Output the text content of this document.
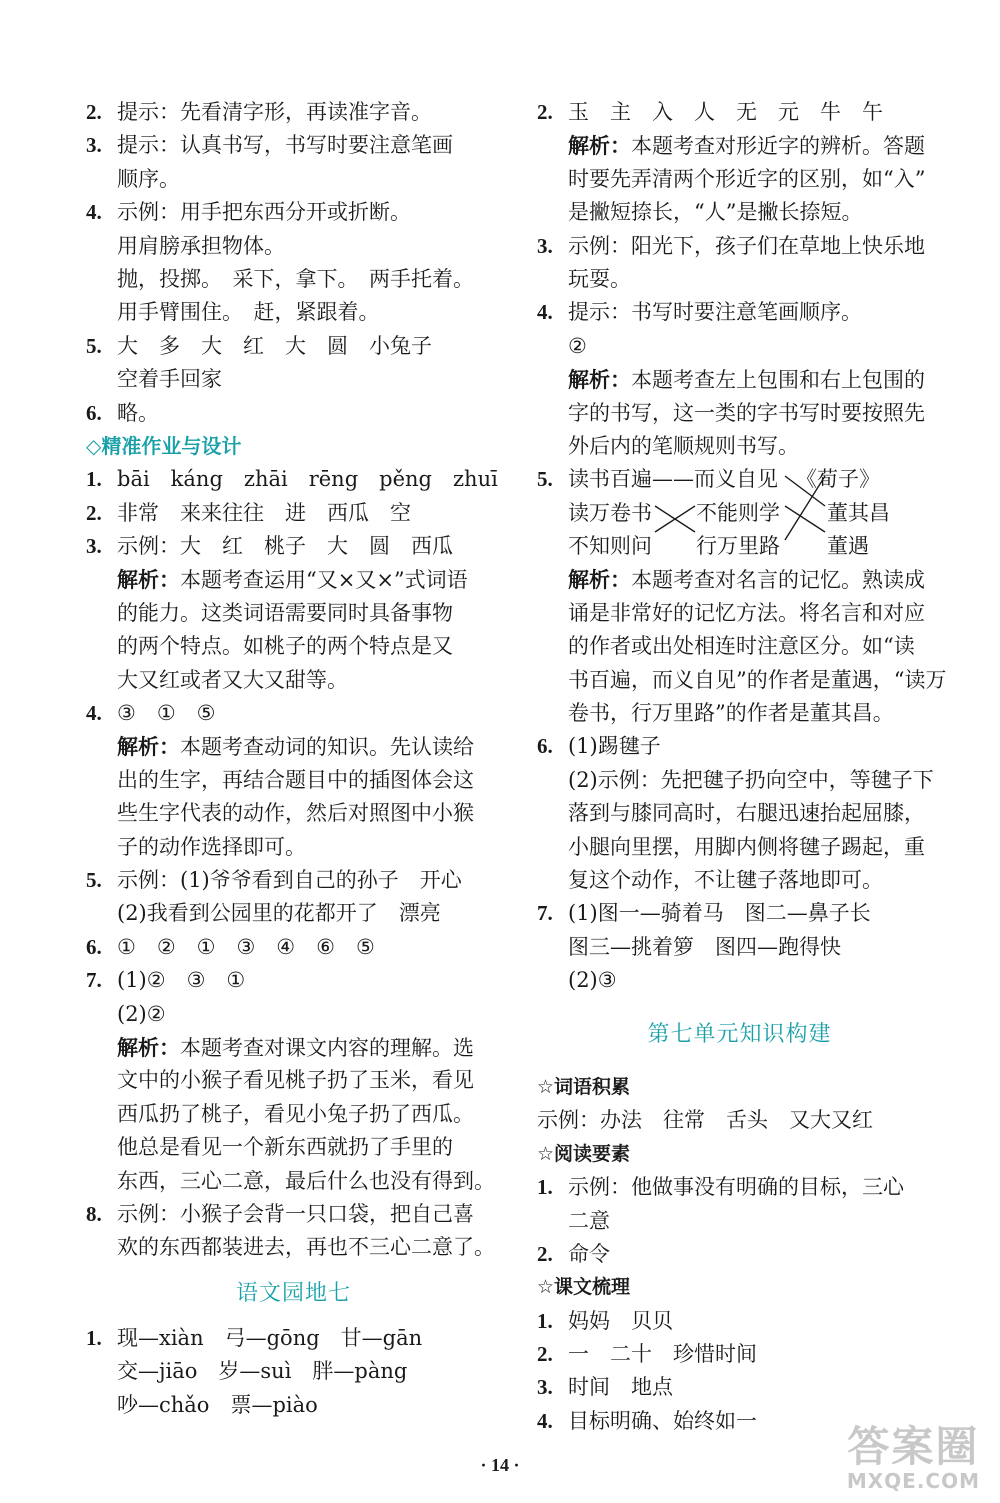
2. 提示：先看清字形，再读准字音。
3. 提示：认真书写，书写时要注意笔画
顺序。
4. 示例：用手把东西分开或折断。
用肩膀承担物体。
抛，投掷。　采下，拿下。　两手托着。
用手臂围住。　赶，紧跟着。
5. 大　多　大　红　大　圆　小兔子
空着手回家
6. 略。
◇精准作业与设计
1. bāi　káng　zhāi　rēng　pěng　zhuī
2. 非常　来来往往　进　西瓜　空
3. 示例：大　红　桃子　大　圆　西瓜
解析：本题考查运用“又×又×”式词语
的能力。这类词语需要同时具备事物
的两个特点。如桃子的两个特点是又
大又红或者又大又甜等。
4. ③　①　⑤
解析：本题考查动词的知识。先认读给
出的生字，再结合题目中的插图体会这
些生字代表的动作，然后对照图中小猴
子的动作选择即可。
5. 示例：(1)爷爷看到自己的孙子　开心
(2)我看到公园里的花都开了　漂亮
6. ①　②　①　③　④　⑥　⑤
7. (1)②　③　①
(2)②
解析：本题考查对课文内容的理解。选
文中的小猴子看见桃子扔了玉米，看见
西瓜扔了桃子，看见小兔子扔了西瓜。
他总是看见一个新东西就扔了手里的
东西，三心二意，最后什么也没有得到。
8. 示例：小猴子会背一只口袋，把自己喜
欢的东西都装进去，再也不三心二意了。
语文园地七
1. 现—xiàn　弓—gōng　甘—gān
交—jiāo　岁—suì　胖—pàng
吵—chǎo　票—piào
2. 玉　主　入　人　无　元　牛　午
解析：本题考查对形近字的辨析。答题
时要先弄清两个形近字的区别，如“入”
是撇短捺长，“人”是撇长捺短。
3. 示例：阳光下，孩子们在草地上快乐地
玩耍。
4. 提示：书写时要注意笔画顺序。
②
解析：本题考查左上包围和右上包围的
字的书写，这一类的字书写时要按照先
外后内的笔顺规则书写。
5. 读书百遍——而义自见 《荀子》
读万卷书 不能则学 董其昌
不知则问 行万里路 董遇
解析：本题考查对名言的记忆。熟读成
诵是非常好的记忆方法。将名言和对应
的作者或出处相连时注意区分。如“读
书百遍，而义自见”的作者是董遇，“读万
卷书，行万里路”的作者是董其昌。
6. (1)踢毽子
(2)示例：先把毽子扔向空中，等毽子下
落到与膝同高时，右腿迅速抬起屈膝，
小腿向里摆，用脚内侧将毽子踢起，重
复这个动作，不让毽子落地即可。
7. (1)图一—骑着马　图二—鼻子长
图三—挑着箩　图四—跑得快
(2)③
第七单元知识构建
☆词语积累
示例：办法　往常　舌头　又大又红
☆阅读要素
1. 示例：他做事没有明确的目标，三心
二意
2. 命令
☆课文梳理
1. 妈妈　贝贝
2. 一　二十　珍惜时间
3. 时间　地点
4. 目标明确、始终如一
· 14 ·	答案圈
MXQE.COM
